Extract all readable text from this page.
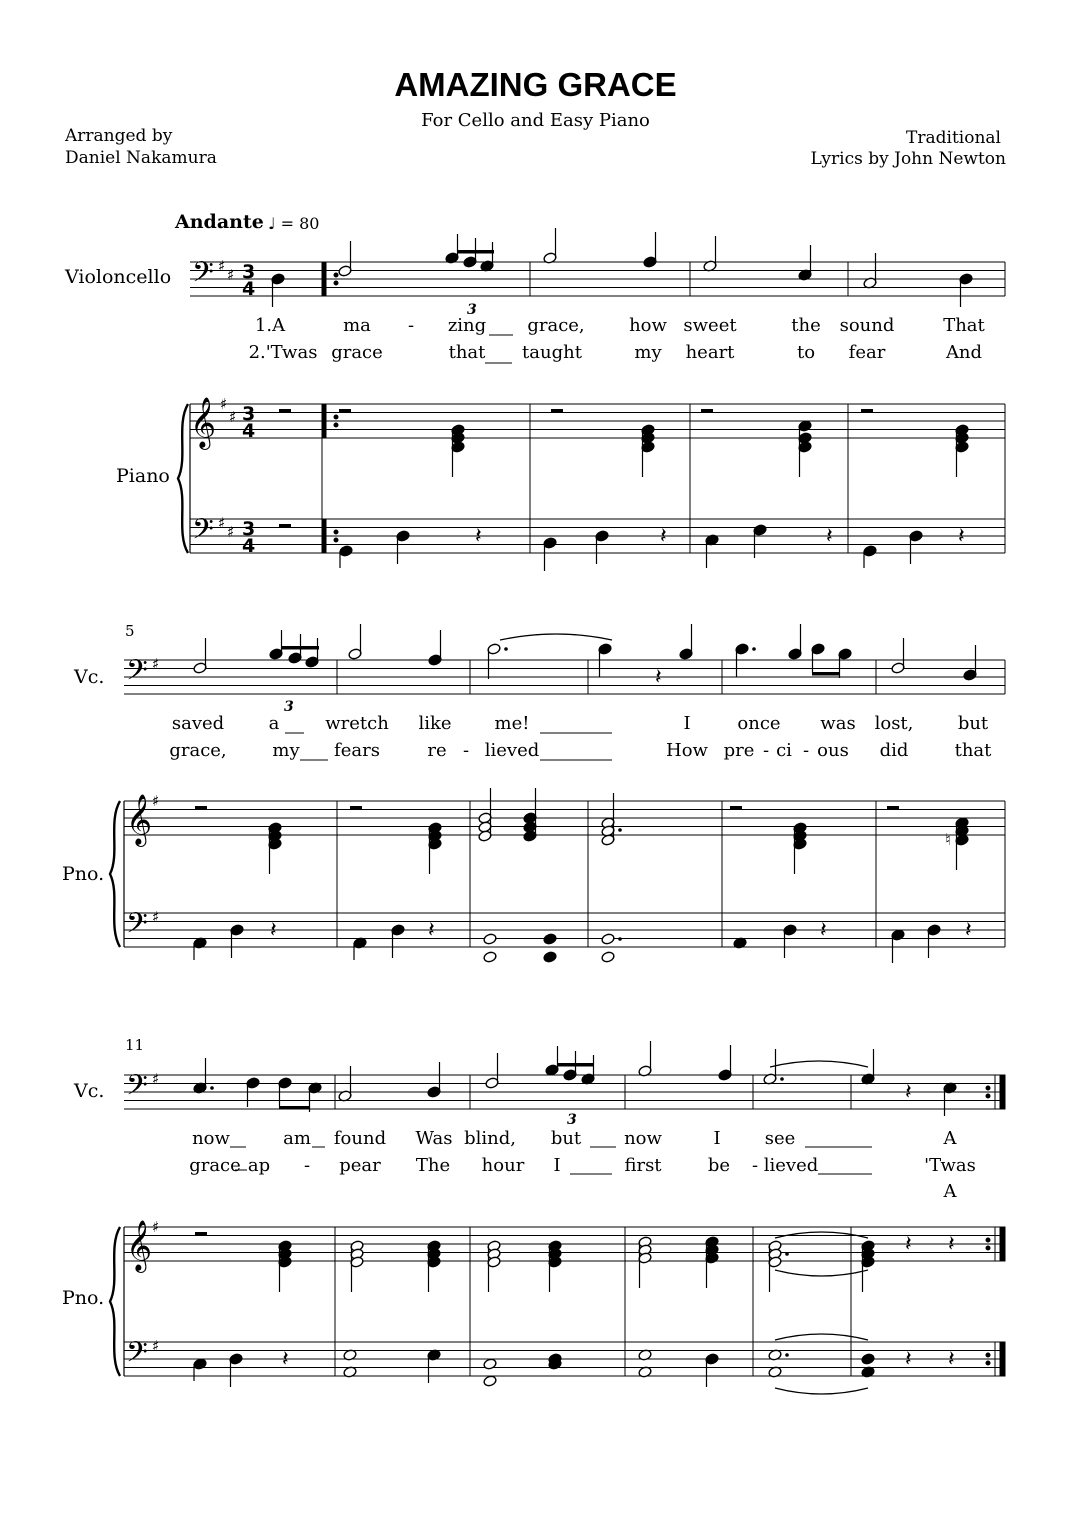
AMAZING GRACE
For Cello and Easy Piano
Arranged by
Daniel Nakamura
Traditional
Lyrics by John Newton
Andante ♩ = 80
Violoncello
Piano
Vc.
Pno.
Vc.
Pno.
5
11
3
3
3
1.A	ma - zing grace, how sweet	the sound	That
2.'Twas grace	that taught	my heart	to fear	And
saved a	wretch like me!	I	once was lost, but
grace,	my fears	re - lieved	How pre - ci - ous did	that
now	am found Was blind, but now	I see	A
grace ap - pear The hour I	first	be - lieved	'Twas
A
𝄢
𝄞
𝄢
𝄢
𝄞
𝄢
𝄢
𝄞
𝄢
♯ ♯
♯
♯
♯ ♯
♯
♯
♯
♮
♯
♯
♯
3
4
3
4
3
4	𝄽	𝄽	𝄽	𝄽
𝄽
𝄽	𝄽	𝄽	𝄽
𝄽
𝄽 𝄽
𝄽	𝄽 𝄽
